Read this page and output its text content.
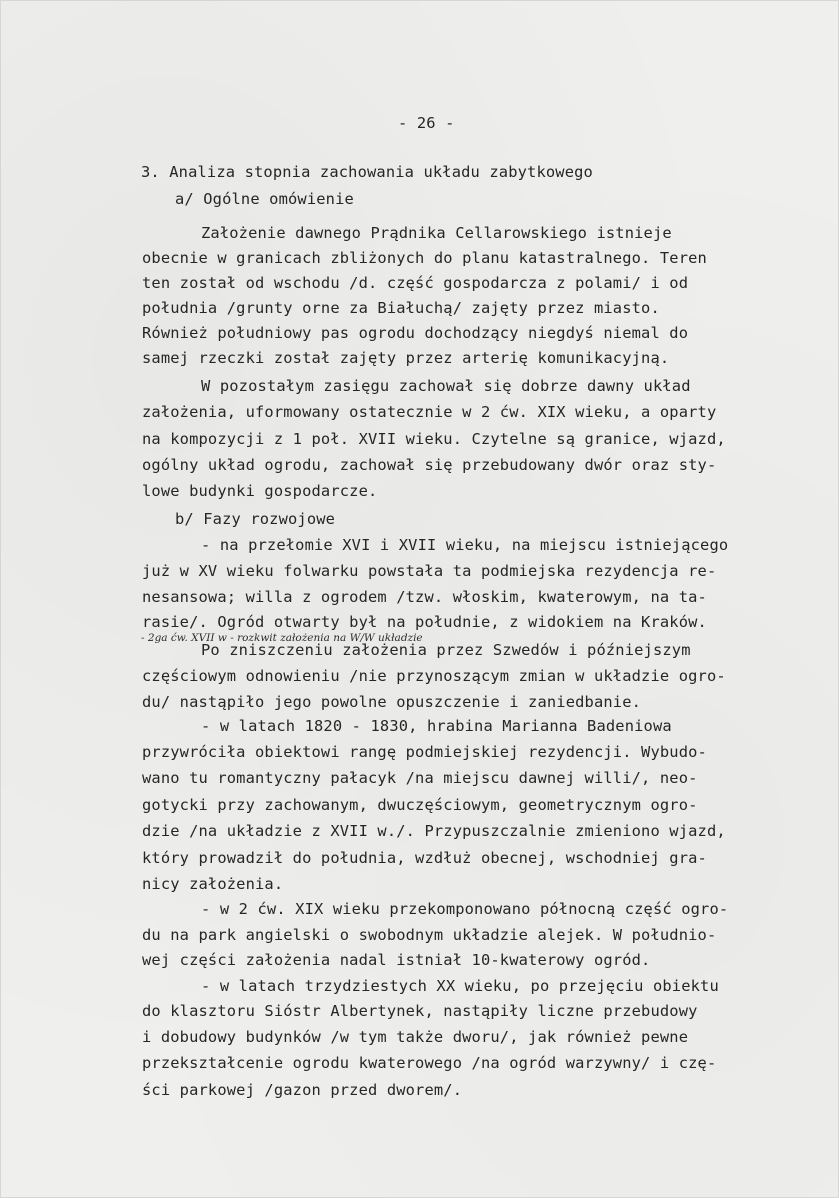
- 26 -
3. Analiza stopnia zachowania układu zabytkowego
a/ Ogólne omówienie
Założenie dawnego Prądnika Cellarowskiego istnieje
obecnie w granicach zbliżonych do planu katastralnego. Teren
ten został od wschodu /d. część gospodarcza z polami/ i od
południa /grunty orne za Białuchą/ zajęty przez miasto.
Również południowy pas ogrodu dochodzący niegdyś niemal do
samej rzeczki został zajęty przez arterię komunikacyjną.
W pozostałym zasięgu zachował się dobrze dawny układ
założenia, uformowany ostatecznie w 2 ćw. XIX wieku, a oparty
na kompozycji z 1 poł. XVII wieku. Czytelne są granice, wjazd,
ogólny układ ogrodu, zachował się przebudowany dwór oraz sty-
lowe budynki gospodarcze.
b/ Fazy rozwojowe
- na przełomie XVI i XVII wieku, na miejscu istniejącego
już w XV wieku folwarku powstała ta podmiejska rezydencja re-
nesansowa; willa z ogrodem /tzw. włoskim, kwaterowym, na ta-
rasie/. Ogród otwarty był na południe, z widokiem na Kraków.
- 2ga ćw. XVII w - rozkwit założenia na W/W układzie
Po zniszczeniu założenia przez Szwedów i późniejszym
częściowym odnowieniu /nie przynoszącym zmian w układzie ogro-
du/ nastąpiło jego powolne opuszczenie i zaniedbanie.
- w latach 1820 - 1830, hrabina Marianna Badeniowa
przywróciła obiektowi rangę podmiejskiej rezydencji. Wybudo-
wano tu romantyczny pałacyk /na miejscu dawnej willi/, neo-
gotycki przy zachowanym, dwuczęściowym, geometrycznym ogro-
dzie /na układzie z XVII w./. Przypuszczalnie zmieniono wjazd,
który prowadził do południa, wzdłuż obecnej, wschodniej gra-
nicy założenia.
- w 2 ćw. XIX wieku przekomponowano północną część ogro-
du na park angielski o swobodnym układzie alejek. W południo-
wej części założenia nadal istniał 10-kwaterowy ogród.
- w latach trzydziestych XX wieku, po przejęciu obiektu
do klasztoru Sióstr Albertynek, nastąpiły liczne przebudowy
i dobudowy budynków /w tym także dworu/, jak również pewne
przekształcenie ogrodu kwaterowego /na ogród warzywny/ i czę-
ści parkowej /gazon przed dworem/.
